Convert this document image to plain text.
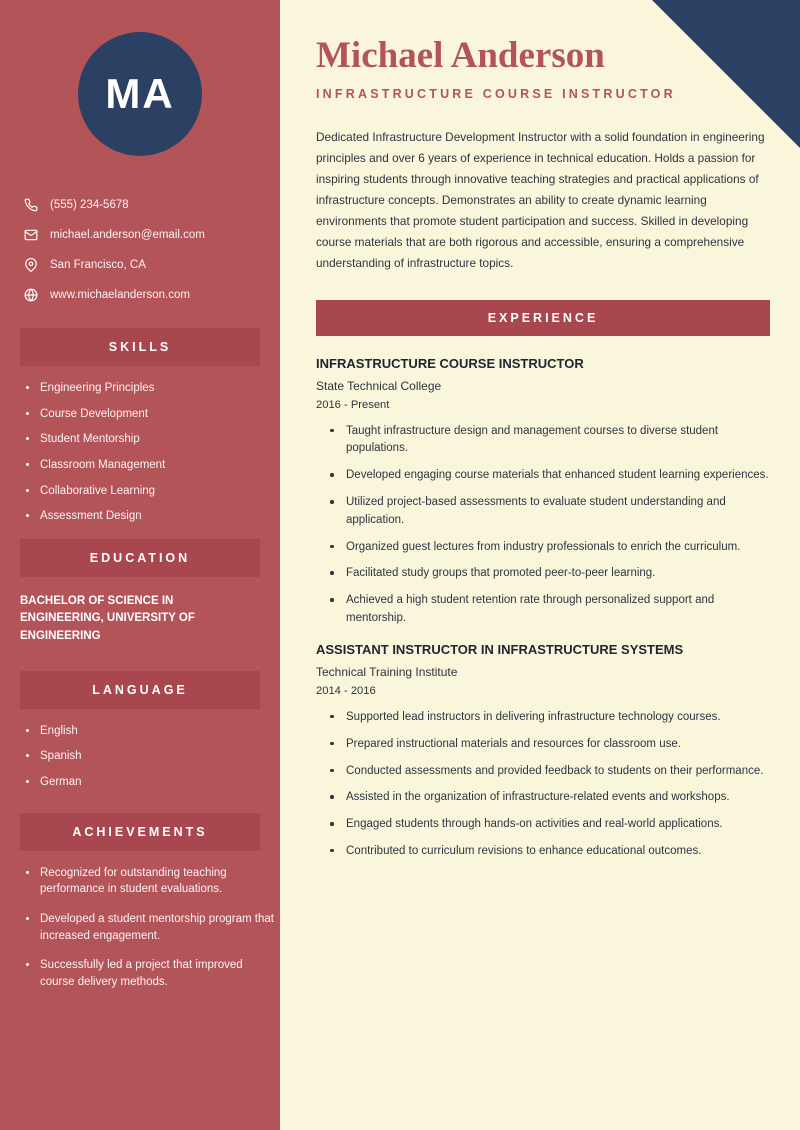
MA
(555) 234-5678
michael.anderson@email.com
San Francisco, CA
www.michaelanderson.com
SKILLS
Engineering Principles
Course Development
Student Mentorship
Classroom Management
Collaborative Learning
Assessment Design
EDUCATION
BACHELOR OF SCIENCE IN ENGINEERING, UNIVERSITY OF ENGINEERING
LANGUAGE
English
Spanish
German
ACHIEVEMENTS
Recognized for outstanding teaching performance in student evaluations.
Developed a student mentorship program that increased engagement.
Successfully led a project that improved course delivery methods.
Michael Anderson
INFRASTRUCTURE COURSE INSTRUCTOR
Dedicated Infrastructure Development Instructor with a solid foundation in engineering principles and over 6 years of experience in technical education. Holds a passion for inspiring students through innovative teaching strategies and practical applications of infrastructure concepts. Demonstrates an ability to create dynamic learning environments that promote student participation and success. Skilled in developing course materials that are both rigorous and accessible, ensuring a comprehensive understanding of infrastructure topics.
EXPERIENCE
INFRASTRUCTURE COURSE INSTRUCTOR
State Technical College
2016 - Present
Taught infrastructure design and management courses to diverse student populations.
Developed engaging course materials that enhanced student learning experiences.
Utilized project-based assessments to evaluate student understanding and application.
Organized guest lectures from industry professionals to enrich the curriculum.
Facilitated study groups that promoted peer-to-peer learning.
Achieved a high student retention rate through personalized support and mentorship.
ASSISTANT INSTRUCTOR IN INFRASTRUCTURE SYSTEMS
Technical Training Institute
2014 - 2016
Supported lead instructors in delivering infrastructure technology courses.
Prepared instructional materials and resources for classroom use.
Conducted assessments and provided feedback to students on their performance.
Assisted in the organization of infrastructure-related events and workshops.
Engaged students through hands-on activities and real-world applications.
Contributed to curriculum revisions to enhance educational outcomes.
